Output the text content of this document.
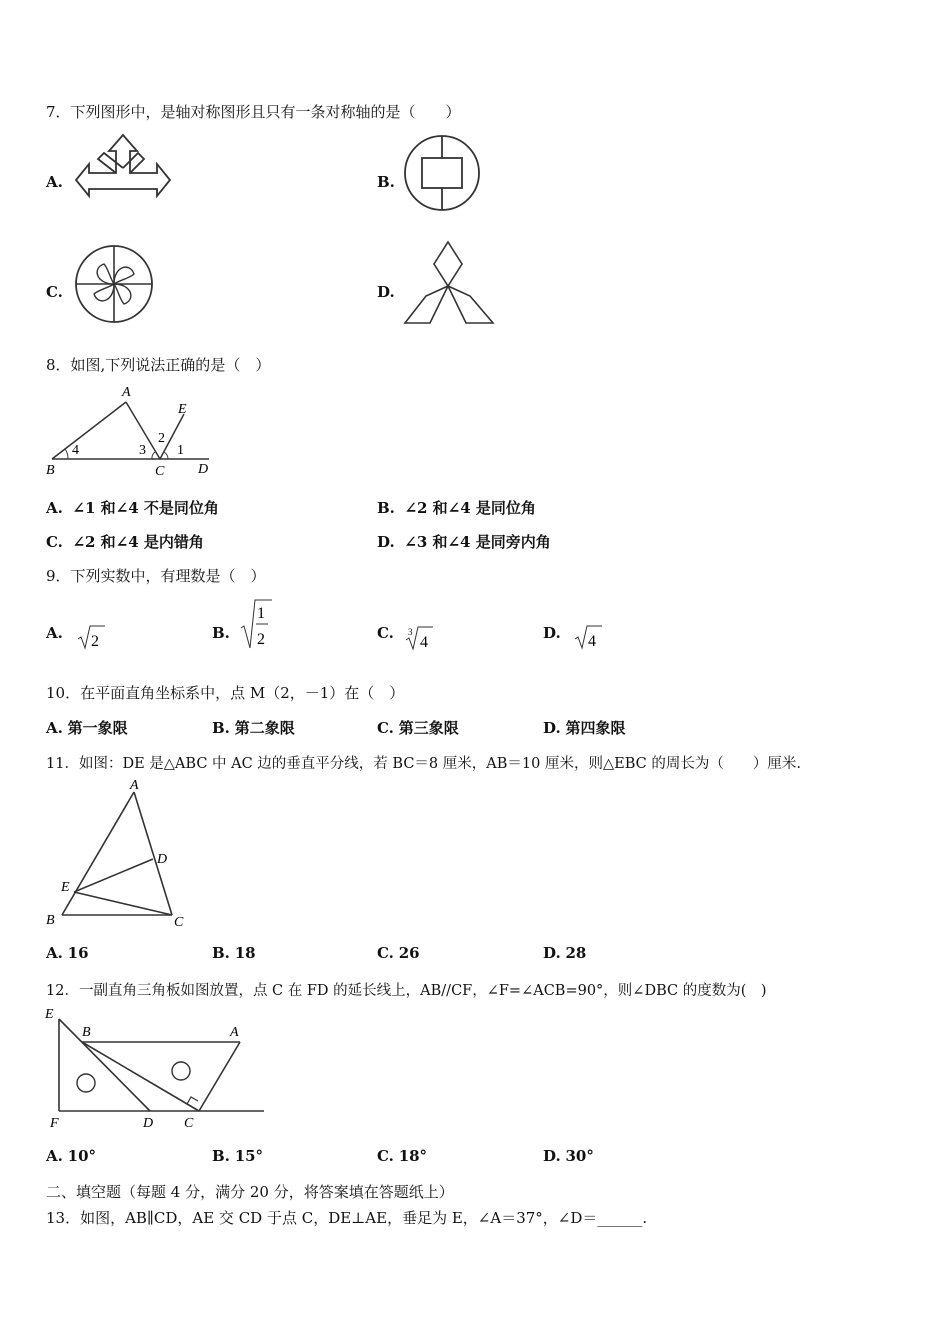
7．下列图形中，是轴对称图形且只有一条对称轴的是（　　）
A.	B.
C.	D.
8．如图,下列说法正确的是（　）
A
B	C D
E
1
2
3
4
A. ∠1 和∠4 不是同位角	B. ∠2 和∠4 是同位角
C. ∠2 和∠4 是内错角	D. ∠3 和∠4 是同旁内角
9．下列实数中，有理数是（　）
A. 2	B.
1
2	C. 3
4
D. 4
10．在平面直角坐标系中，点 M（2，－1）在（　）
A. 第一象限	B. 第二象限	C. 第三象限	D. 第四象限
11．如图：DE 是△ABC 中 AC 边的垂直平分线，若 BC＝8 厘米，AB＝10 厘米，则△EBC 的周长为（　　）厘米.
A
B	C
D
E
A. 16	B. 18	C. 26	D. 28
12．一副直角三角板如图放置，点 C 在 FD 的延长线上，AB//CF，∠F=∠ACB=90°，则∠DBC 的度数为(　)
E
B	A
F	D C
A. 10°	B. 15°	C. 18°	D. 30°
二、填空题（每题 4 分，满分 20 分，将答案填在答题纸上）
13．如图，AB∥CD，AE 交 CD 于点 C，DE⊥AE，垂足为 E，∠A＝37°，∠D＝______.
